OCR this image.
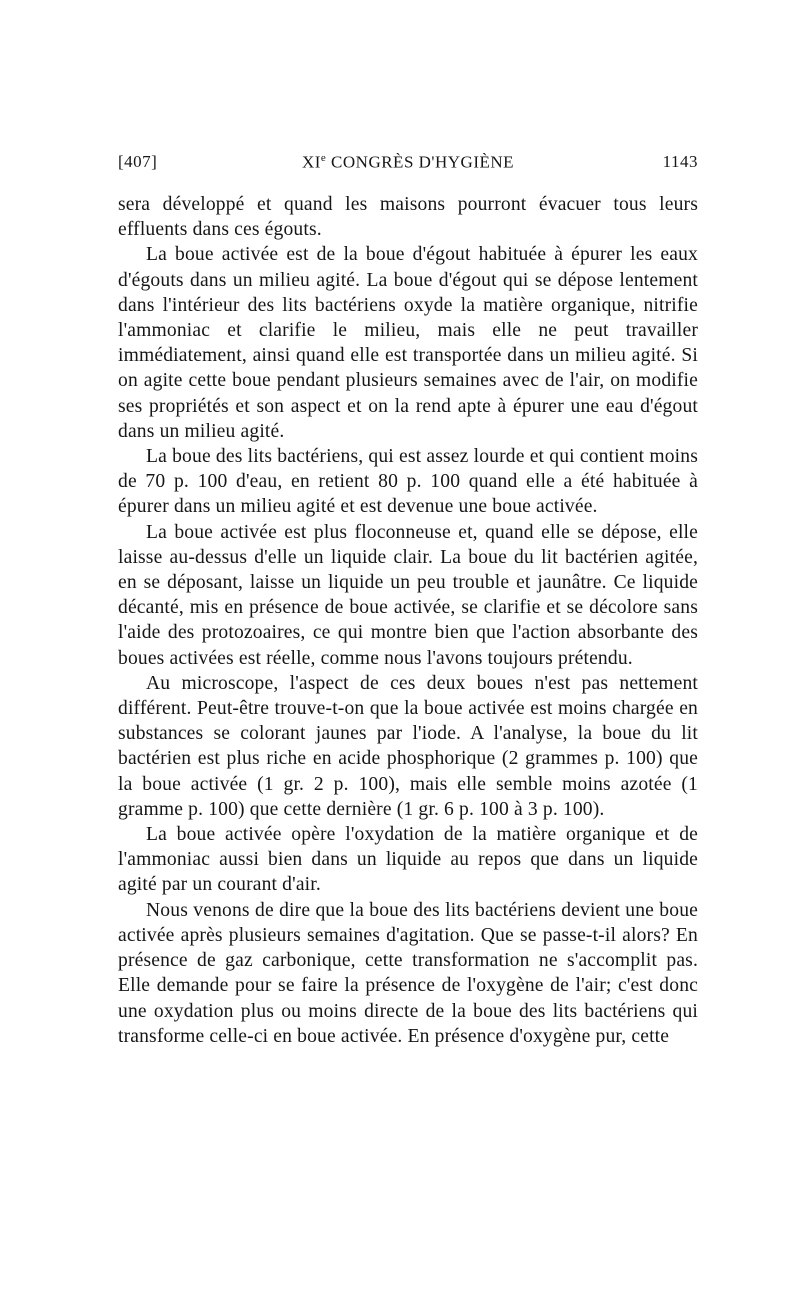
[407]	XIe CONGRÈS D'HYGIÈNE	1143

sera développé et quand les maisons pourront évacuer tous leurs effluents dans ces égouts.

La boue activée est de la boue d'égout habituée à épurer les eaux d'égouts dans un milieu agité. La boue d'égout qui se dépose lentement dans l'intérieur des lits bactériens oxyde la matière organique, nitrifie l'ammoniac et clarifie le milieu, mais elle ne peut travailler immédiatement, ainsi quand elle est transportée dans un milieu agité. Si on agite cette boue pendant plusieurs semaines avec de l'air, on modifie ses propriétés et son aspect et on la rend apte à épurer une eau d'égout dans un milieu agité.

La boue des lits bactériens, qui est assez lourde et qui contient moins de 70 p. 100 d'eau, en retient 80 p. 100 quand elle a été habituée à épurer dans un milieu agité et est devenue une boue activée.

La boue activée est plus floconneuse et, quand elle se dépose, elle laisse au-dessus d'elle un liquide clair. La boue du lit bactérien agitée, en se déposant, laisse un liquide un peu trouble et jaunâtre. Ce liquide décanté, mis en présence de boue activée, se clarifie et se décolore sans l'aide des protozoaires, ce qui montre bien que l'action absorbante des boues activées est réelle, comme nous l'avons toujours prétendu.

Au microscope, l'aspect de ces deux boues n'est pas nettement différent. Peut-être trouve-t-on que la boue activée est moins chargée en substances se colorant jaunes par l'iode. A l'analyse, la boue du lit bactérien est plus riche en acide phosphorique (2 grammes p. 100) que la boue activée (1 gr. 2 p. 100), mais elle semble moins azotée (1 gramme p. 100) que cette dernière (1 gr. 6 p. 100 à 3 p. 100).

La boue activée opère l'oxydation de la matière organique et de l'ammoniac aussi bien dans un liquide au repos que dans un liquide agité par un courant d'air.

Nous venons de dire que la boue des lits bactériens devient une boue activée après plusieurs semaines d'agitation. Que se passe-t-il alors? En présence de gaz carbonique, cette transformation ne s'accomplit pas. Elle demande pour se faire la présence de l'oxygène de l'air; c'est donc une oxydation plus ou moins directe de la boue des lits bactériens qui transforme celle-ci en boue activée. En présence d'oxygène pur, cette
